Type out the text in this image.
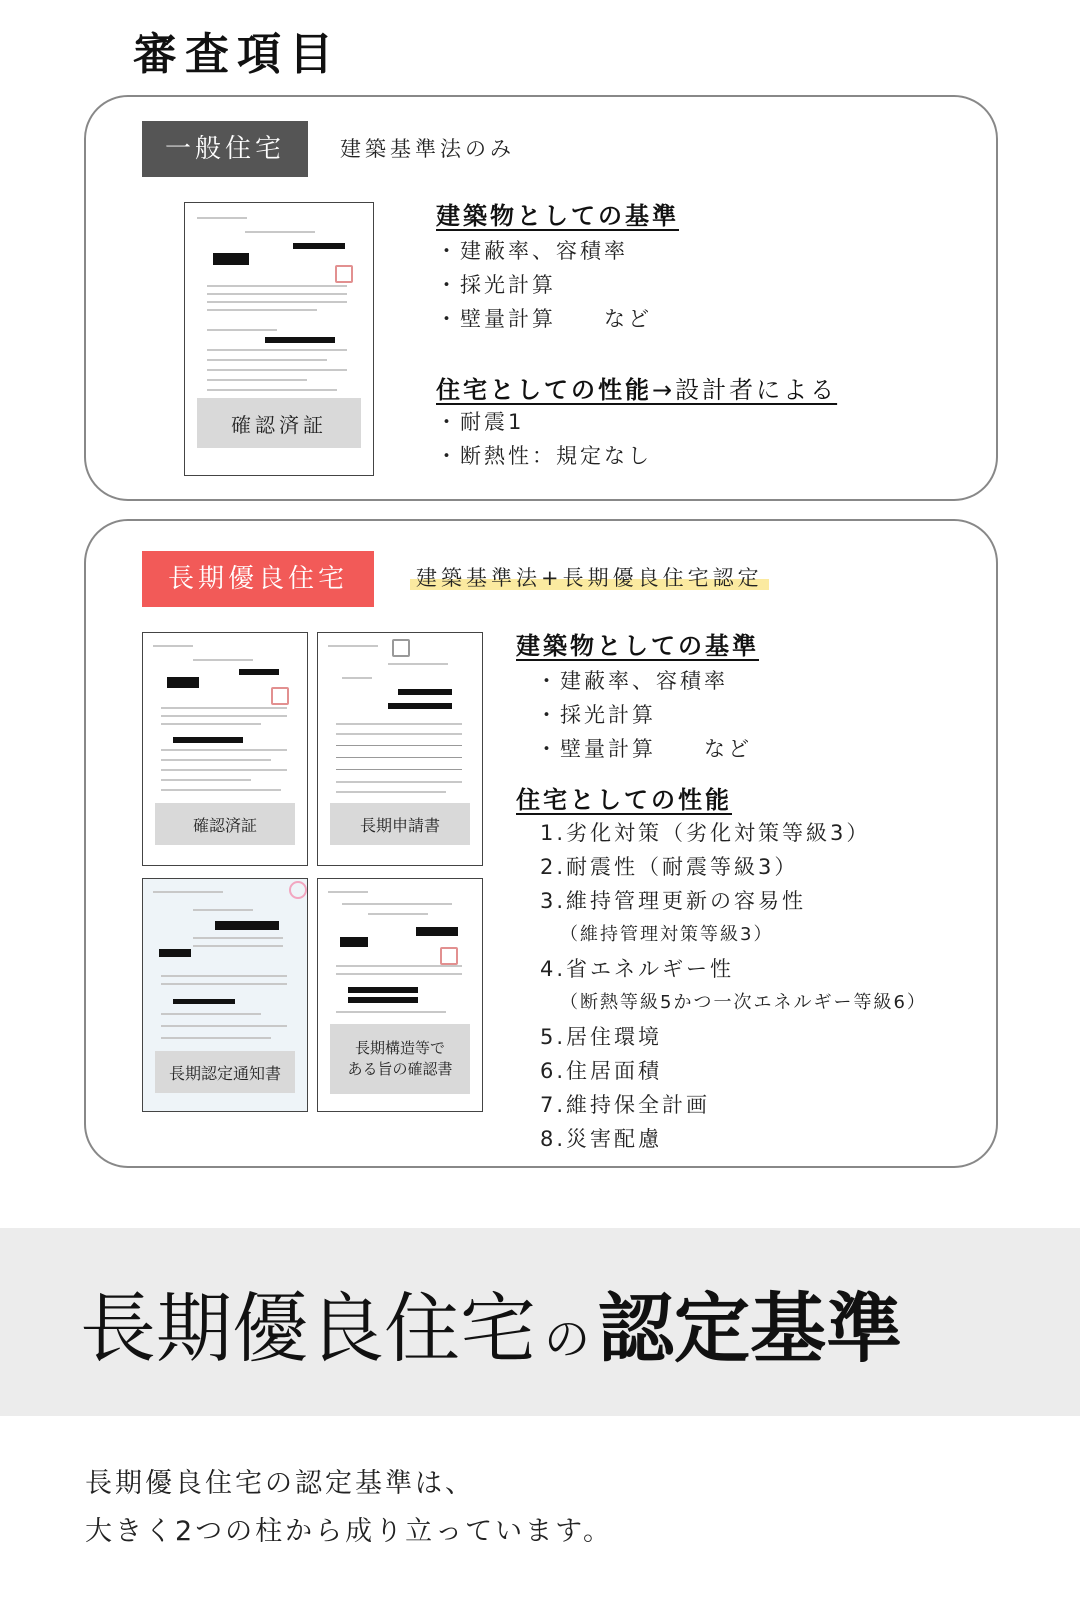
審査項目
一般住宅	建築基準法のみ
確認済証
建築物としての基準
・建蔽率、容積率
・採光計算
・壁量計算　　など
住宅としての性能→設計者による
・耐震1
・断熱性：規定なし
長期優良住宅	建築基準法+長期優良住宅認定
確認済証	長期申請書
長期認定通知書
長期構造等で
ある旨の確認書
建築物としての基準
・建蔽率、容積率
・採光計算
・壁量計算　　など
住宅としての性能
1.劣化対策（劣化対策等級3）
2.耐震性（耐震等級3）
3.維持管理更新の容易性
（維持管理対策等級3）
4.省エネルギー性
（断熱等級5かつ一次エネルギー等級6）
5.居住環境
6.住居面積
7.維持保全計画
8.災害配慮
長期優良住宅 の 認定基準
長期優良住宅の認定基準は、
大きく2つの柱から成り立っています。
